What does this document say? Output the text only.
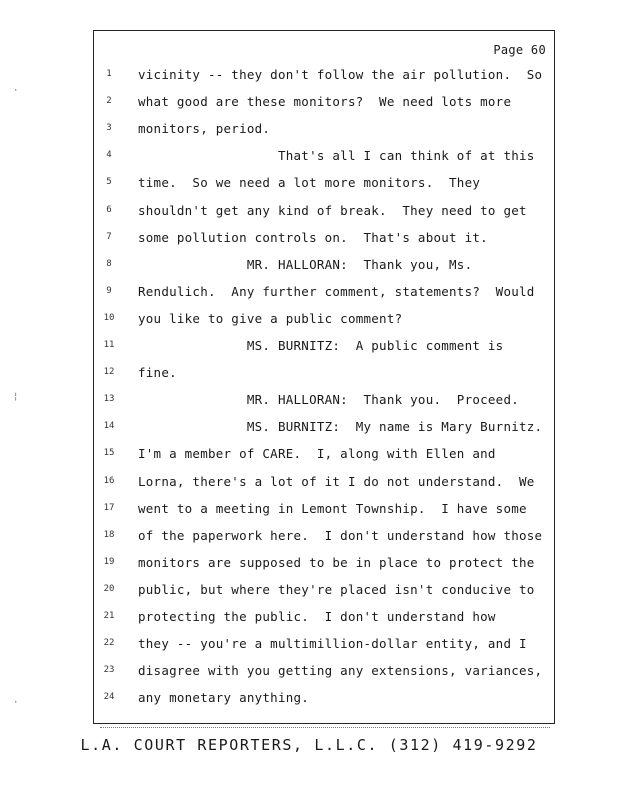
Page 60
1	vicinity -- they don't follow the air pollution.  So
2	what good are these monitors?  We need lots more
3	monitors, period.
4	That's all I can think of at this
5	time.  So we need a lot more monitors.  They
6	shouldn't get any kind of break.  They need to get
7	some pollution controls on.  That's about it.
8	MR. HALLORAN:  Thank you, Ms.
9	Rendulich.  Any further comment, statements?  Would
10 you like to give a public comment?
11 MS. BURNITZ:  A public comment is
12 fine.
13 MR. HALLORAN:  Thank you.  Proceed.
14 MS. BURNITZ:  My name is Mary Burnitz.
15 I'm a member of CARE.  I, along with Ellen and
16 Lorna, there's a lot of it I do not understand.  We
17 went to a meeting in Lemont Township.  I have some
18 of the paperwork here.  I don't understand how those
19 monitors are supposed to be in place to protect the
20 public, but where they're placed isn't conducive to
21 protecting the public.  I don't understand how
22 they -- you're a multimillion-dollar entity, and I
23 disagree with you getting any extensions, variances,
24 any monetary anything.
L.A. COURT REPORTERS, L.L.C. (312) 419-9292
·
¦
·
